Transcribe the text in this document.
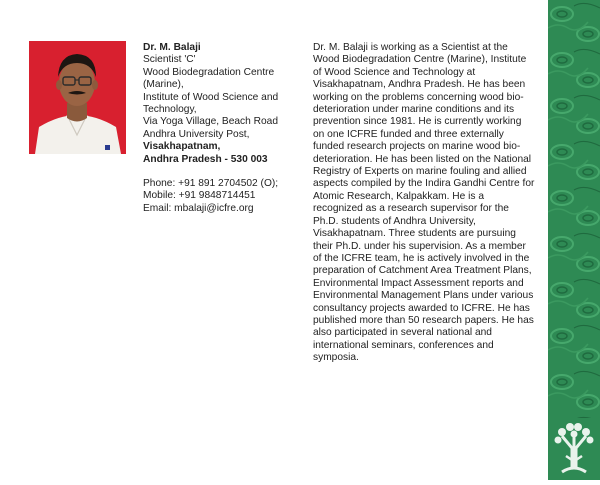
Dr. M. Balaji
Scientist 'C'
Wood Biodegradation Centre
(Marine),
Institute of Wood Science and
Technology,
Via Yoga Village, Beach Road
Andhra University Post,
Visakhapatnam,
Andhra Pradesh - 530 003
Phone: +91 891 2704502 (O);
Mobile: +91 9848714451
Email: mbalaji@icfre.org
Dr. M. Balaji is working as a Scientist at the Wood Biodegradation Centre (Marine), Institute of Wood Science and Technology at Visakhapatnam, Andhra Pradesh. He has been working on the problems concerning wood bio-deterioration under marine conditions and its prevention since 1981. He is currently working on one ICFRE funded and three externally funded research projects on marine wood bio-deterioration. He has been listed on the National Registry of Experts on marine fouling and allied aspects compiled by the Indira Gandhi Centre for Atomic Research, Kalpakkam. He is a recognized as a research supervisor for the Ph.D. students of Andhra University, Visakhapatnam. Three students are pursuing their Ph.D. under his supervision. As a member of the ICFRE team, he is actively involved in the preparation of Catchment Area Treatment Plans, Environmental Impact Assessment reports and Environmental Management Plans under various consultancy projects awarded to ICFRE. He has published more than 50 research papers. He has also participated in several national and international seminars, conferences and symposia.
